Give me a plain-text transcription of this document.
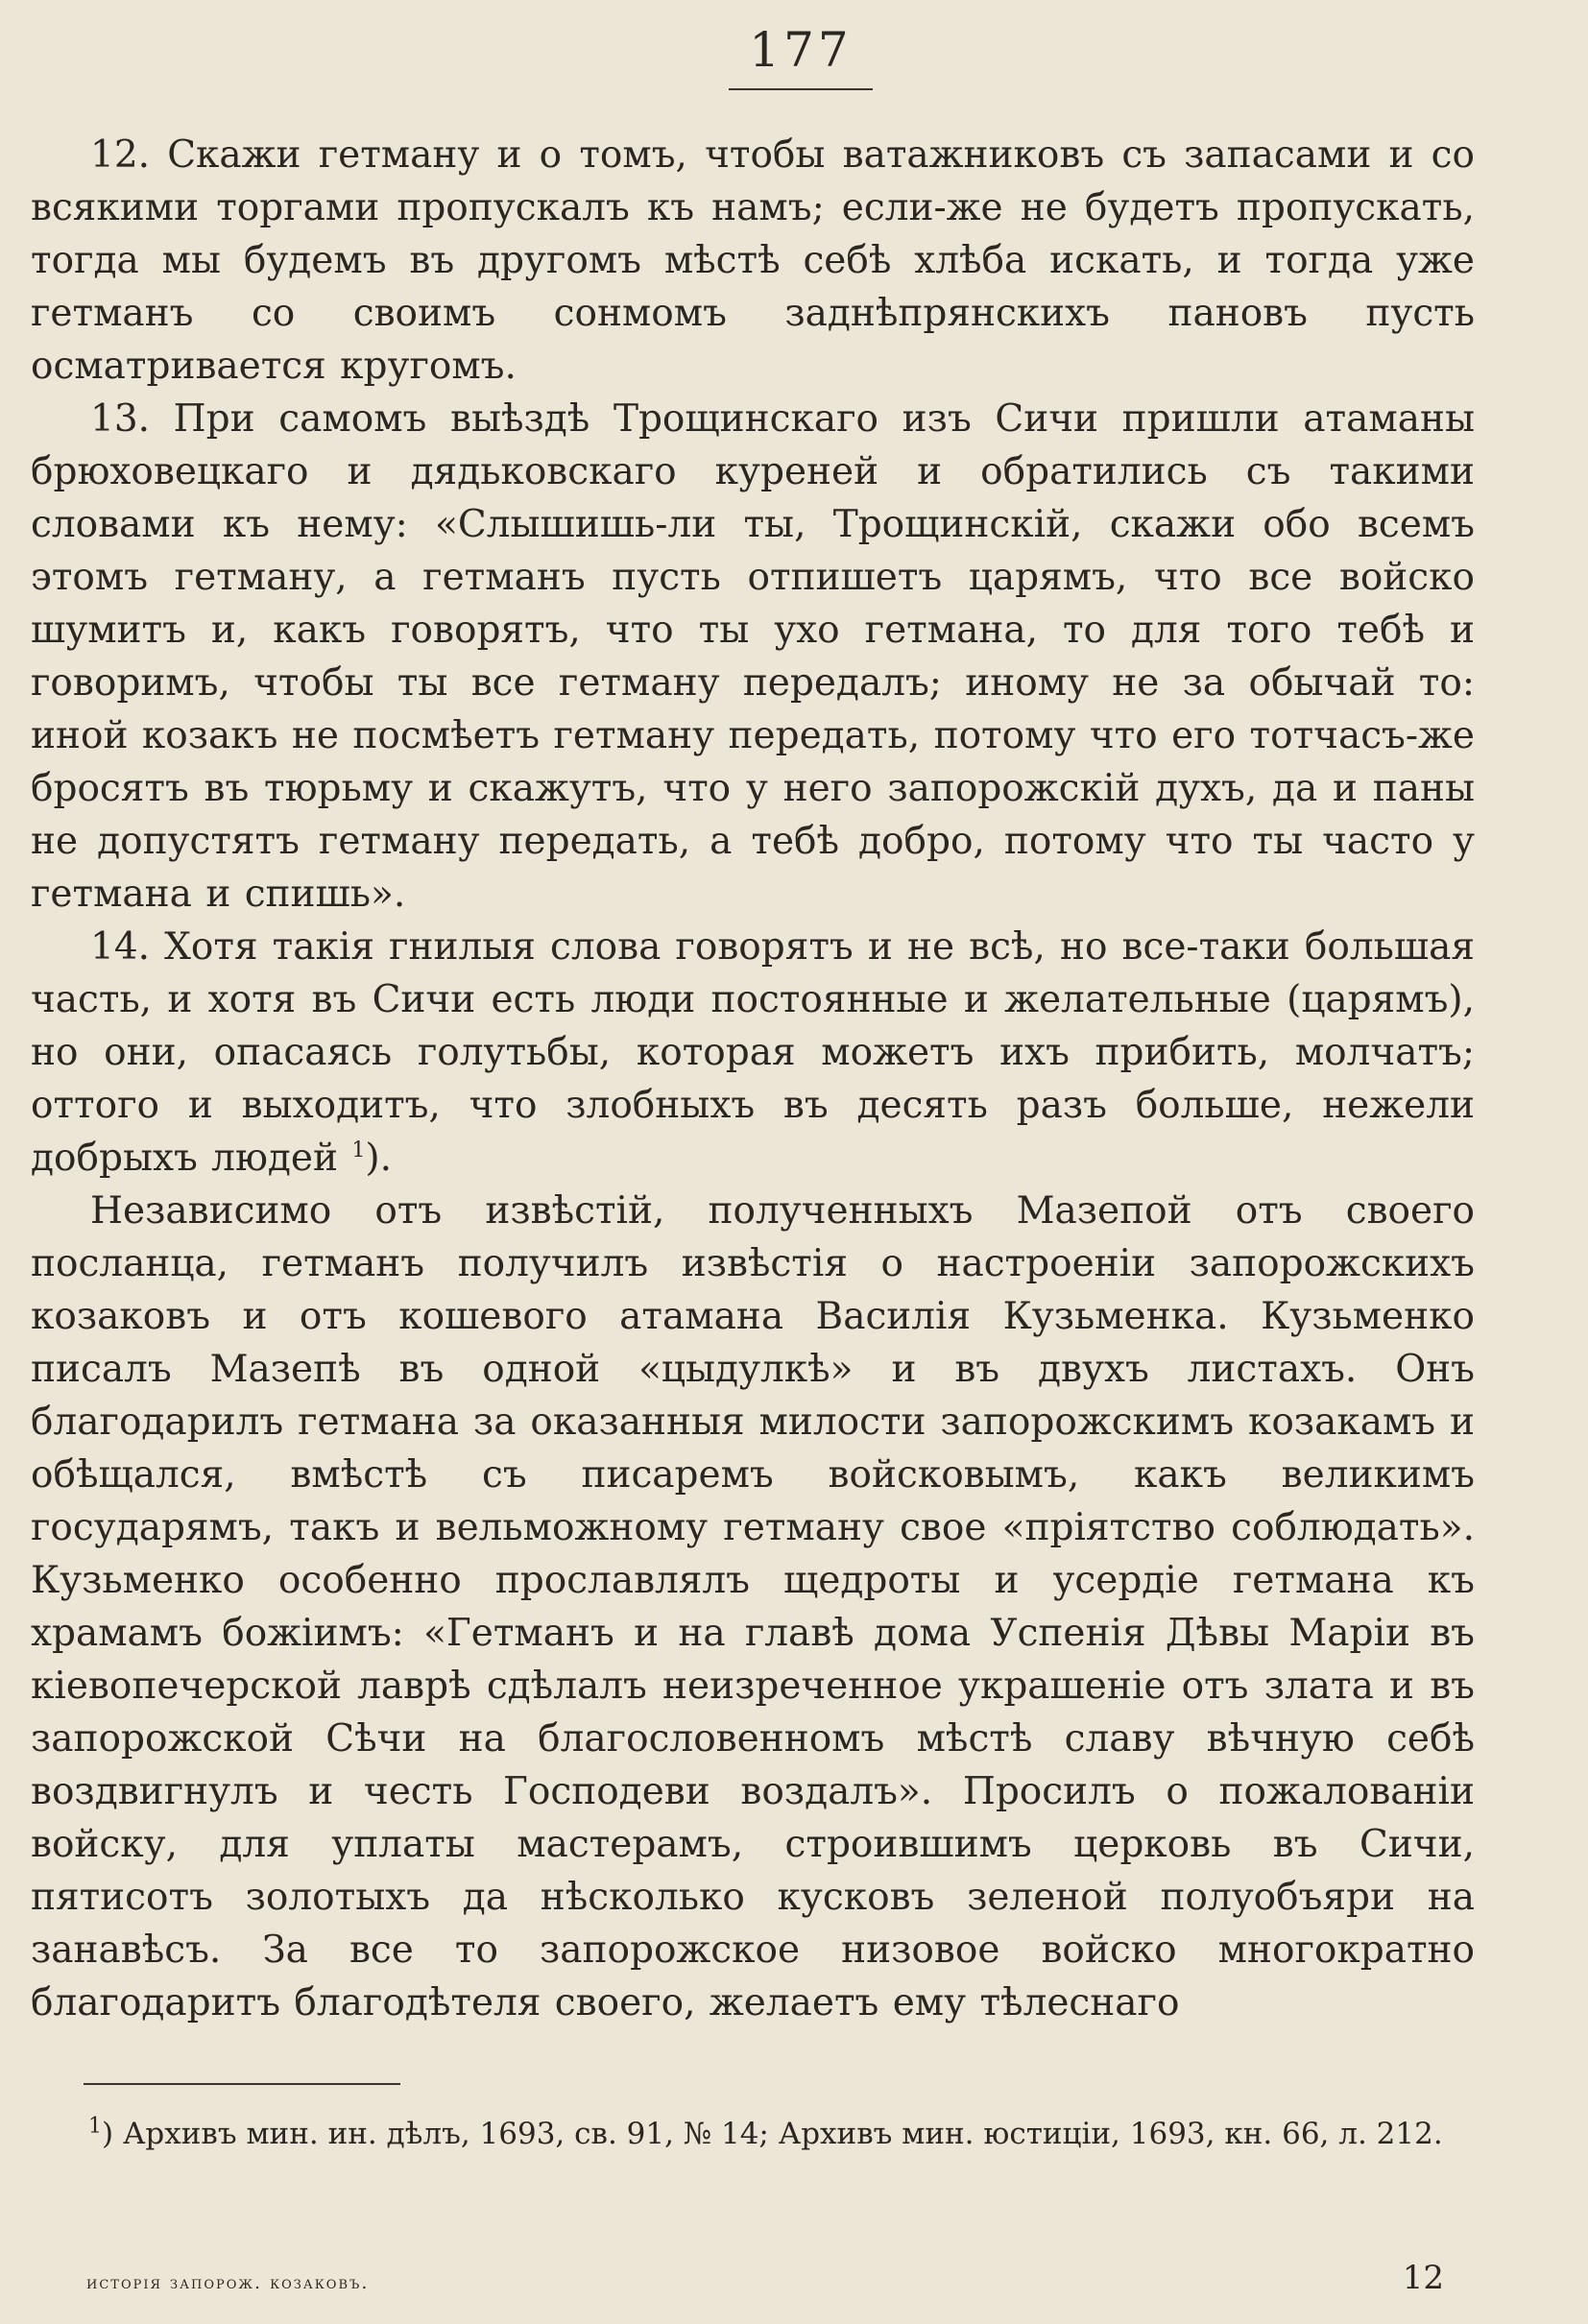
177

12. Скажи гетману и о томъ, чтобы ватажниковъ съ запасами и со всякими торгами пропускалъ къ намъ; если-же не будетъ пропускать, тогда мы будемъ въ другомъ мѣстѣ себѣ хлѣба искать, и тогда уже гетманъ со своимъ сонмомъ заднѣпрянскихъ пановъ пусть осматривается кругомъ.

13. При самомъ выѣздѣ Трощинскаго изъ Сичи пришли атаманы брюховецкаго и дядьковскаго куреней и обратились съ такими словами къ нему: «Слышишь-ли ты, Трощинскій, скажи обо всемъ этомъ гетману, а гетманъ пусть отпишетъ царямъ, что все войско шумитъ и, какъ говорятъ, что ты ухо гетмана, то для того тебѣ и говоримъ, чтобы ты все гетману передалъ; иному не за обычай то: иной козакъ не посмѣетъ гетману передать, потому что его тотчасъ-же бросятъ въ тюрьму и скажутъ, что у него запорожскій духъ, да и паны не допустятъ гетману передать, а тебѣ добро, потому что ты часто у гетмана и спишь».

14. Хотя такія гнилыя слова говорятъ и не всѣ, но все-таки большая часть, и хотя въ Сичи есть люди постоянные и желательные (царямъ), но они, опасаясь голутьбы, которая можетъ ихъ прибить, молчатъ; оттого и выходитъ, что злобныхъ въ десять разъ больше, нежели добрыхъ людей $^1$).

Независимо отъ извѣстій, полученныхъ Мазепой отъ своего посланца, гетманъ получилъ извѣстія о настроеніи запорожскихъ козаковъ и отъ кошевого атамана Василія Кузьменка. Кузьменко писалъ Мазепѣ въ одной «цыдулкѣ» и въ двухъ листахъ. Онъ благодарилъ гетмана за оказанныя милости запорожскимъ козакамъ и обѣщался, вмѣстѣ съ писаремъ войсковымъ, какъ великимъ государямъ, такъ и вельможному гетману свое «пріятство соблюдать». Кузьменко особенно прославлялъ щедроты и усердіе гетмана къ храмамъ божіимъ: «Гетманъ и на главѣ дома Успенія Дѣвы Маріи въ кіевопечерской лаврѣ сдѣлалъ неизреченное украшеніе отъ злата и въ запорожской Сѣчи на благословенномъ мѣстѣ славу вѣчную себѣ воздвигнулъ и честь Господеви воздалъ». Просилъ о пожалованіи войску, для уплаты мастерамъ, строившимъ церковь въ Сичи, пятисотъ золотыхъ да нѣсколько кусковъ зеленой полуобъяри на занавѣсъ. За все то запорожское низовое войско многократно благодаритъ благодѣтеля своего, желаетъ ему тѣлеснаго

$^1$) Архивъ мин. ин. дѣлъ, 1693, св. 91, № 14; Архивъ мин. юстиціи, 1693, кн. 66, л. 212.

исторія запорож. козаковъ.	12
